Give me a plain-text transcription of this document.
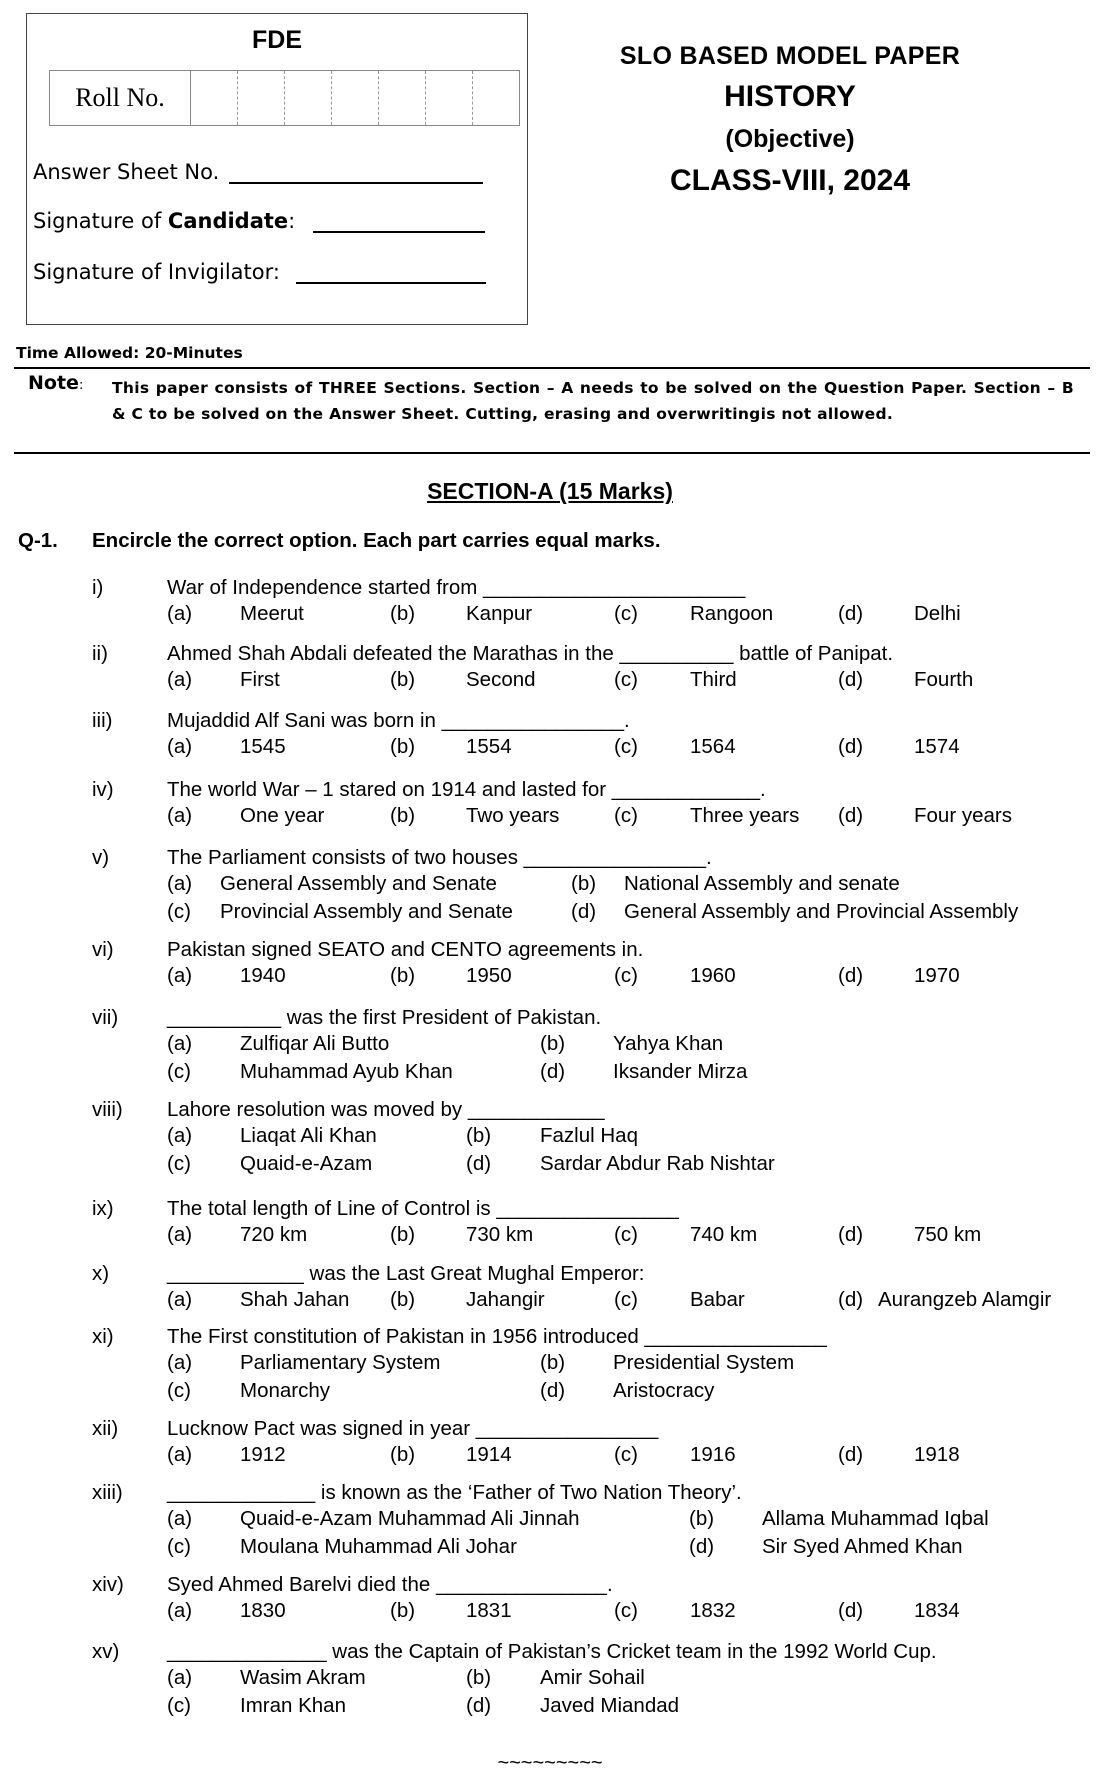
FDE
Roll No.
Answer Sheet No.
Signature of Candidate:
Signature of Invigilator:
SLO BASED MODEL PAPER
HISTORY
(Objective)
CLASS-VIII, 2024
Time Allowed: 20-Minutes
Note: This paper consists of THREE Sections. Section – A needs to be solved on the Question Paper. Section – B & C to be solved on the Answer Sheet. Cutting, erasing and overwritingis not allowed.
SECTION-A (15 Marks)
Q-1. Encircle the correct option. Each part carries equal marks.
i)	War of Independence started from _______________________
(a) Meerut	(b) Kanpur	(c)	Rangoon	(d) Delhi
ii)	Ahmed Shah Abdali defeated the Marathas in the __________ battle of Panipat.
(a) First	(b) Second	(c)	Third	(d) Fourth
iii)	Mujaddid Alf Sani was born in ________________.
(a) 1545	(b) 1554	(c)	1564	(d) 1574
iv)	The world War – 1 stared on 1914 and lasted for _____________.
(a) One year	(b) Two years	(c)	Three years (d) Four years
v)	The Parliament consists of two houses ________________.
(a) General Assembly and Senate	(b) National Assembly and senate
(c) Provincial Assembly and Senate	(d) General Assembly and Provincial Assembly
vi)	Pakistan signed SEATO and CENTO agreements in.
(a) 1940	(b) 1950	(c)	1960	(d) 1970
vii) __________ was the first President of Pakistan.
(a) Zulfiqar Ali Butto	(b) Yahya Khan
(c) Muhammad Ayub Khan	(d) Iksander Mirza
viii) Lahore resolution was moved by ____________
(a) Liaqat Ali Khan	(b) Fazlul Haq
(c) Quaid-e-Azam	(d) Sardar Abdur Rab Nishtar
ix)	The total length of Line of Control is ________________
(a) 720 km	(b) 730 km	(c)	740 km	(d) 750 km
x)	____________ was the Last Great Mughal Emperor:
(a) Shah Jahan (b) Jahangir	(c)	Babar	(d) Aurangzeb Alamgir
xi)	The First constitution of Pakistan in 1956 introduced ________________
(a) Parliamentary System	(b) Presidential System
(c) Monarchy	(d) Aristocracy
xii) Lucknow Pact was signed in year ________________
(a) 1912	(b) 1914	(c)	1916	(d) 1918
xiii) _____________ is known as the ‘Father of Two Nation Theory’.
(a) Quaid-e-Azam Muhammad Ali Jinnah	(b) Allama Muhammad Iqbal
(c) Moulana Muhammad Ali Johar	(d) Sir Syed Ahmed Khan
xiv) Syed Ahmed Barelvi died the _______________.
(a) 1830	(b) 1831	(c)	1832	(d) 1834
xv) ______________ was the Captain of Pakistan’s Cricket team in the 1992 World Cup.
(a) Wasim Akram	(b) Amir Sohail
(c) Imran Khan	(d) Javed Miandad
~~~~~~~~~
